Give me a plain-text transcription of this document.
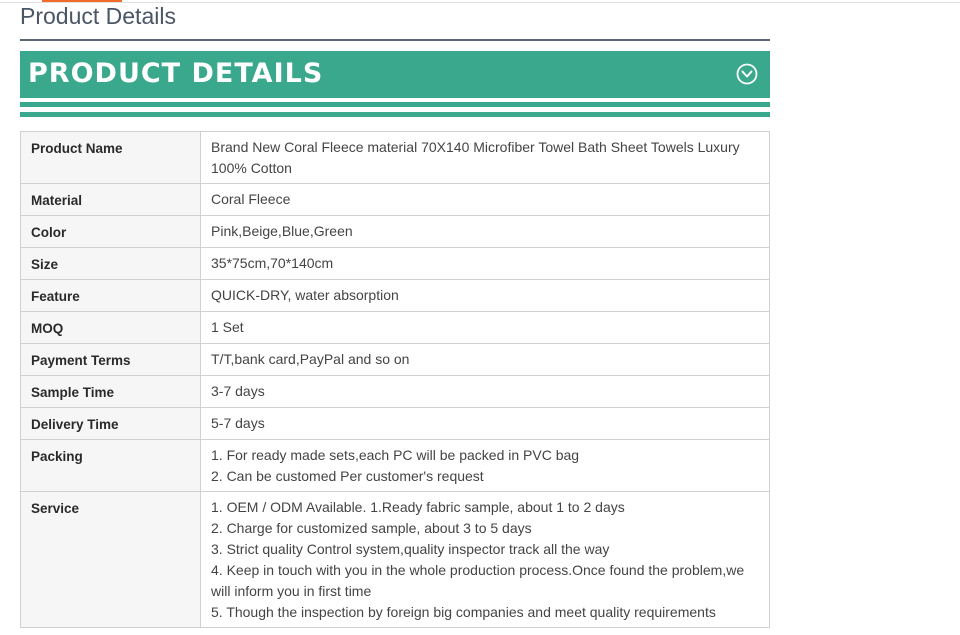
Product Details
PRODUCT DETAILS
Product Name	Brand New Coral Fleece material 70X140 Microfiber Towel Bath Sheet Towels Luxury 100% Cotton

Material	Coral Fleece

Color	Pink,Beige,Blue,Green

Size	35*75cm,70*140cm

Feature	QUICK-DRY, water absorption

MOQ	1 Set

Payment Terms	T/T,bank card,PayPal and so on

Sample Time	3-7 days

Delivery Time	5-7 days

Packing	1. For ready made sets,each PC will be packed in PVC bag
2. Can be customed Per customer's request

Service	1. OEM / ODM Available. 1.Ready fabric sample, about 1 to 2 days
2. Charge for customized sample, about 3 to 5 days
3. Strict quality Control system,quality inspector track all the way
4. Keep in touch with you in the whole production process.Once found the problem,we will inform you in first time
5. Though the inspection by foreign big companies and meet quality requirements
